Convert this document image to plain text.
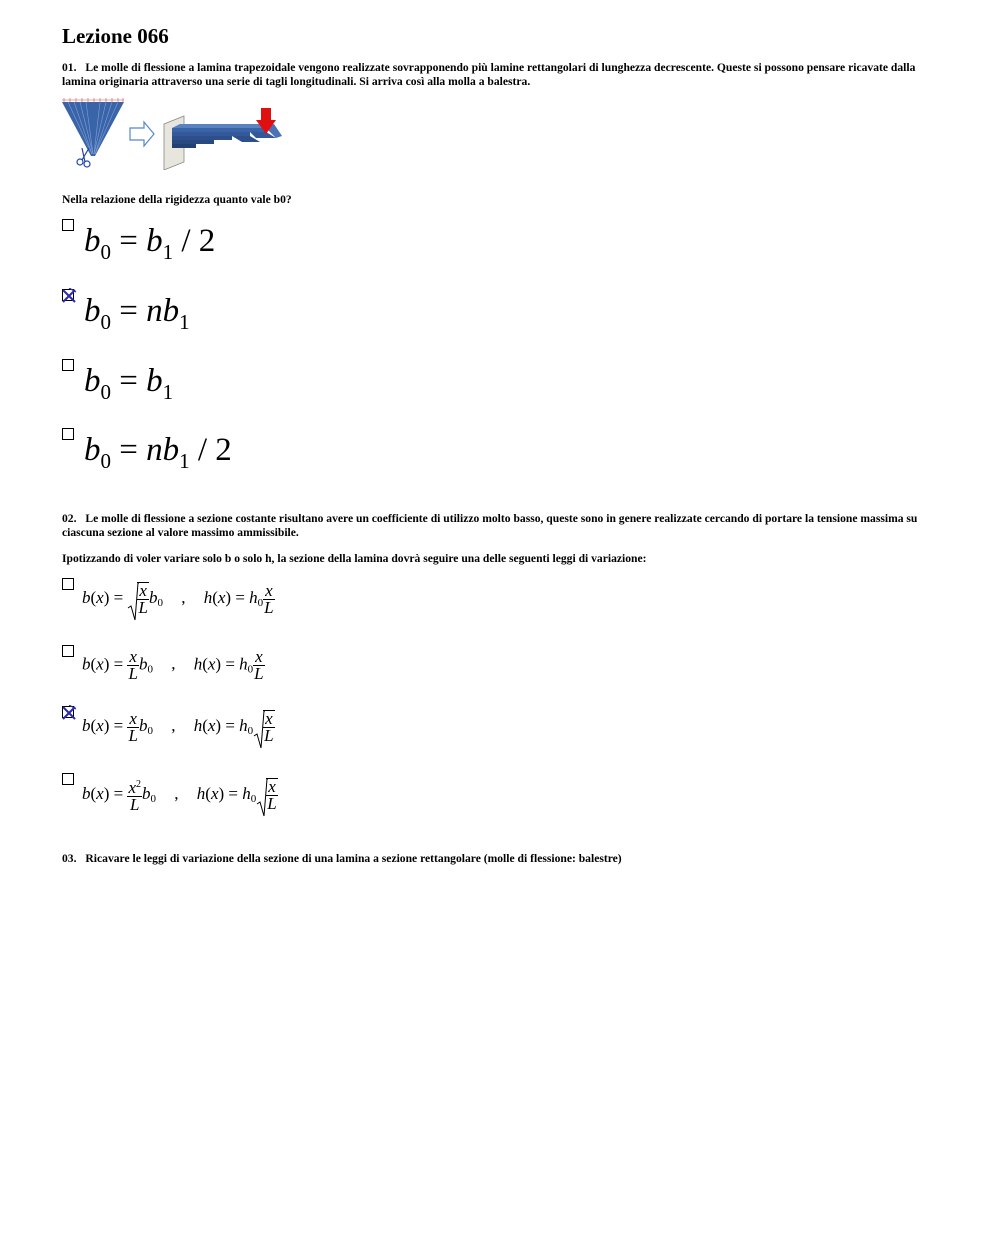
Lezione 066
01. Le molle di flessione a lamina trapezoidale vengono realizzate sovrapponendo più lamine rettangolari di lunghezza decrescente. Queste si possono pensare ricavate dalla lamina originaria attraverso una serie di tagli longitudinali. Si arriva così alla molla a balestra.
Nella relazione della rigidezza quanto vale b0?
$b_0 = b_1 / 2$
$b_0 = nb_1$
$b_0 = b_1$
$b_0 = nb_1 / 2$
02. Le molle di flessione a sezione costante risultano avere un coefficiente di utilizzo molto basso, queste sono in genere realizzate cercando di portare la tensione massima su ciascuna sezione al valore massimo ammissibile.
Ipotizzando di voler variare solo b o solo h, la sezione della lamina dovrà seguire una delle seguenti leggi di variazione:
$b(x) = \frac{x}{L} b0$ , $h(x) = h0 \frac{x}{L}$
$b(x) = \frac{x}{L} b0$ , $h(x) = h0 \frac{x}{L}$
$b(x) = \frac{x}{L} b0$ , $h(x) = h0 \frac{x}{L}$
$b(x) = \frac{x^2}{L} b0$ , $h(x) = h0 \frac{x}{L}$
03. Ricavare le leggi di variazione della sezione di una lamina a sezione rettangolare (molle di flessione: balestre)
